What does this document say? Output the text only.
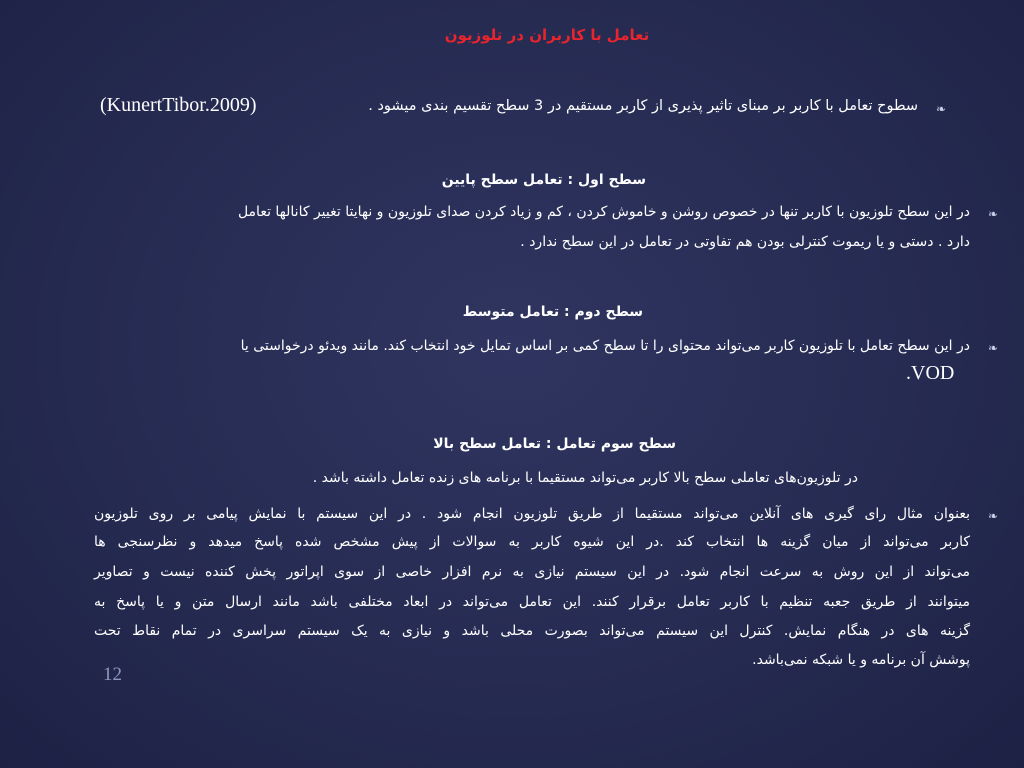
تعامل با کاربران در تلوزیون
❧
سطوح تعامل با کاربر بر مبنای تاثیر پذیری از کاربر مستقیم در 3 سطح تقسیم بندی میشود .
(KunertTibor.2009)
سطح اول : تعامل سطح پایین
❧
در این سطح تلوزیون با کاربر تنها در خصوص روشن و خاموش کردن ، کم و زیاد کردن صدای تلوزیون و نهایتا تغییر کانالها تعامل
دارد . دستی و یا ریموت کنترلی بودن هم تفاوتی در تعامل در این سطح ندارد .
سطح دوم : تعامل متوسط
❧
در این سطح تعامل با تلوزیون کاربر می‌تواند محتوای را تا سطح کمی بر اساس تمایل خود انتخاب کند. مانند ویدئو درخواستی یا
.VOD
سطح سوم تعامل : تعامل سطح بالا
در تلوزیون‌های تعاملی سطح بالا کاربر می‌تواند مستقیما با برنامه های زنده تعامل داشته باشد .
❧
بعنوان مثال رای گیری های آنلاین می‌تواند مستقیما از طریق تلوزیون انجام شود . در این سیستم با نمایش پیامی بر روی تلوزیون
کاربر می‌تواند از میان گزینه ها انتخاب کند .در این شیوه کاربر به سوالات از پیش مشخص شده پاسخ میدهد و نظرسنجی ها
می‌تواند از این روش به سرعت انجام شود. در این سیستم نیازی به نرم افزار خاصی از سوی اپراتور پخش کننده نیست و تصاویر
میتوانند از طریق جعبه تنظیم با کاربر تعامل برقرار کنند. این تعامل می‌تواند در ابعاد مختلفی باشد مانند ارسال متن و یا پاسخ به
گزینه های در هنگام نمایش. کنترل این سیستم می‌تواند بصورت محلی باشد و نیازی به یک سیستم سراسری در تمام نقاط تحت
پوشش آن برنامه و یا شبکه نمی‌باشد.
12
